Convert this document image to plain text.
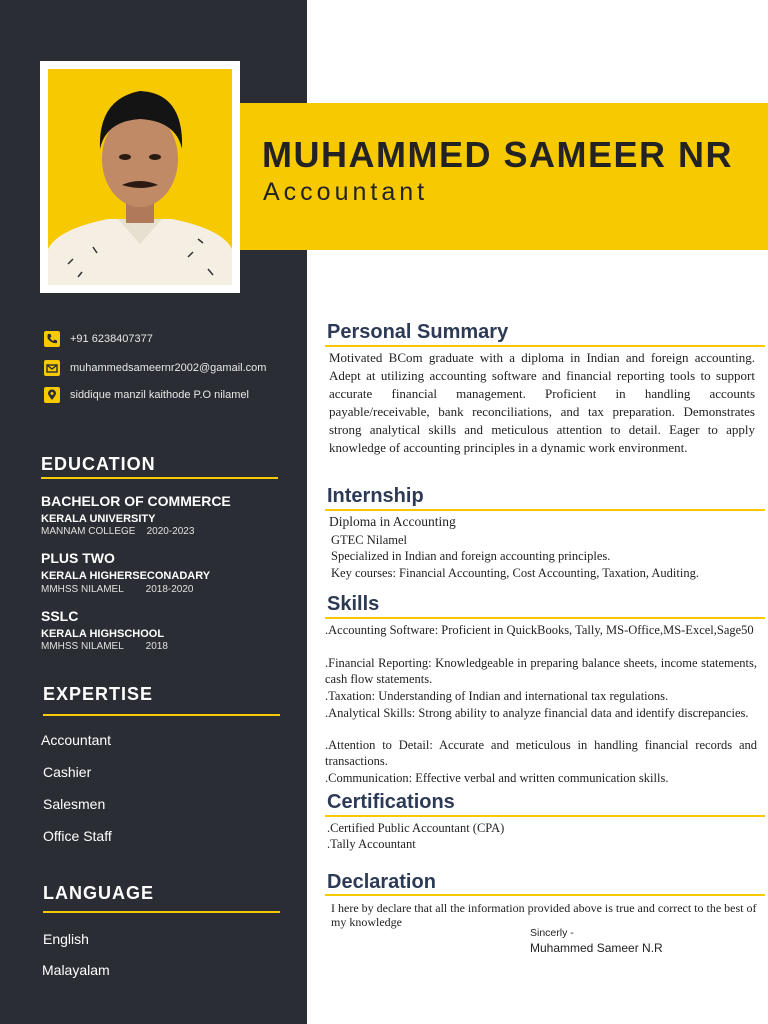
MUHAMMED SAMEER NR
Accountant
+91 6238407377
muhammedsameernr2002@gamail.com
siddique manzil kaithode P.O nilamel
EDUCATION
BACHELOR OF COMMERCE
KERALA UNIVERSITY
MANNAM COLLEGE    2020-2023
PLUS TWO
KERALA HIGHERSECONADARY
MMHSS NILAMEL        2018-2020
SSLC
KERALA HIGHSCHOOL
MMHSS NILAMEL        2018
EXPERTISE
Accountant
Cashier
Salesmen
Office Staff
LANGUAGE
English
Malayalam
Personal Summary
Motivated BCom graduate with a diploma in Indian and foreign accounting. Adept at utilizing accounting software and financial reporting tools to support accurate financial management. Proficient in handling accounts payable/receivable, bank reconciliations, and tax preparation. Demonstrates strong analytical skills and meticulous attention to detail. Eager to apply knowledge of accounting principles in a dynamic work environment.
Internship
Diploma in Accounting
GTEC Nilamel
Specialized in Indian and foreign accounting principles.
Key courses: Financial Accounting, Cost Accounting, Taxation, Auditing.
Skills
.Accounting Software: Proficient in QuickBooks, Tally, MS-Office,MS-Excel,Sage50
.Financial Reporting: Knowledgeable in preparing balance sheets, income statements, cash flow statements.
.Taxation: Understanding of Indian and international tax regulations.
.Analytical Skills: Strong ability to analyze financial data and identify discrepancies.
.Attention to Detail: Accurate and meticulous in handling financial records and transactions.
.Communication: Effective verbal and written communication skills.
Certifications
.Certified Public Accountant (CPA)
.Tally Accountant
Declaration
I here by declare that all the information provided above is true and correct to the best of my knowledge
Sincerly -
Muhammed Sameer N.R
